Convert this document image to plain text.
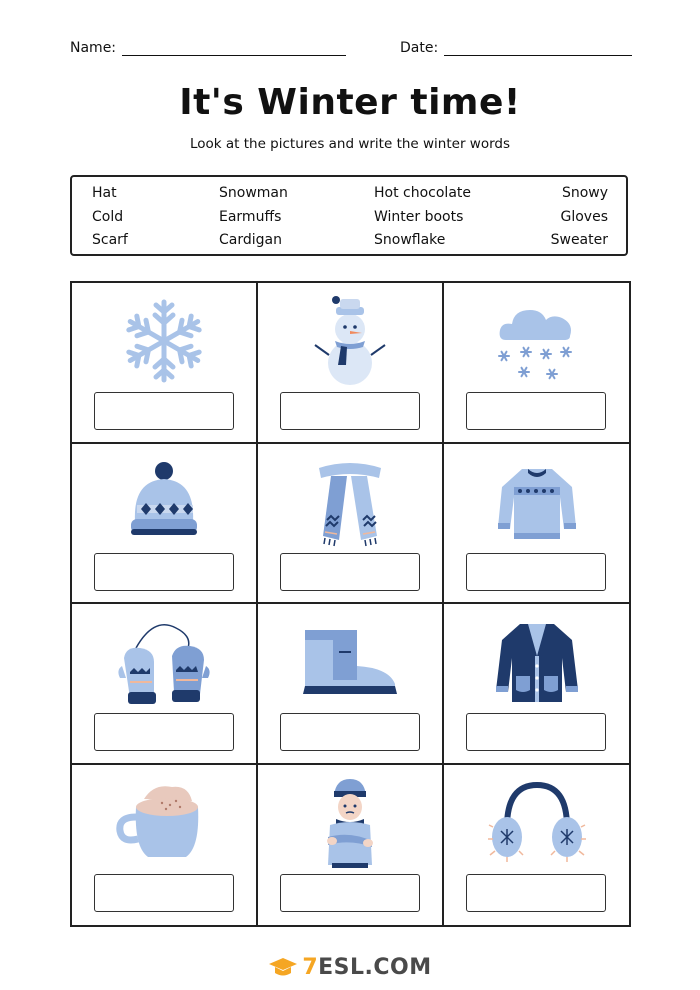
Name:	Date:
It's Winter time!
Look at the pictures and write the winter words
Hat
Cold
Scarf
Snowman
Earmuffs
Cardigan
Hot chocolate
Winter boots
Snowflake
Snowy
Gloves
Sweater
7ESL.COM
